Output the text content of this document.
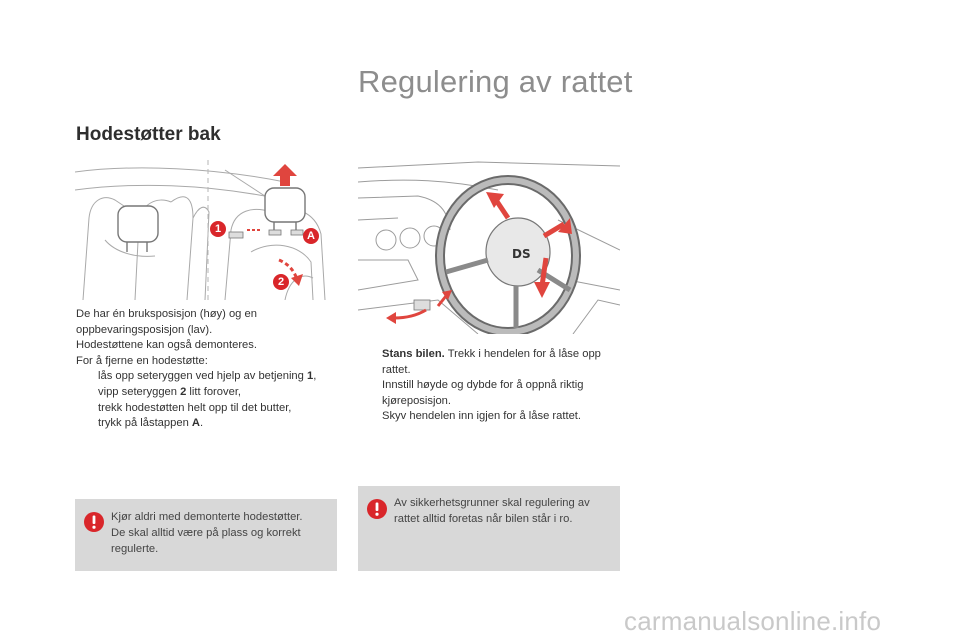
Regulering av rattet
Hodestøtter bak
1
2
A
DS
De har én bruksposisjon (høy) og en
oppbevaringsposisjon (lav).
Hodestøttene kan også demonteres.
For å fjerne en hodestøtte:
lås opp seteryggen ved hjelp av betjening 1,
vipp seteryggen 2 litt forover,
trekk hodestøtten helt opp til det butter,
trykk på låstappen A.
Stans bilen. Trekk i hendelen for å låse opp rattet.
Innstill høyde og dybde for å oppnå riktig kjøreposisjon.
Skyv hendelen inn igjen for å låse rattet.
Kjør aldri med demonterte hodestøtter.
De skal alltid være på plass og korrekt
regulerte.
Av sikkerhetsgrunner skal regulering av
rattet alltid foretas når bilen står i ro.
carmanualsonline.info
